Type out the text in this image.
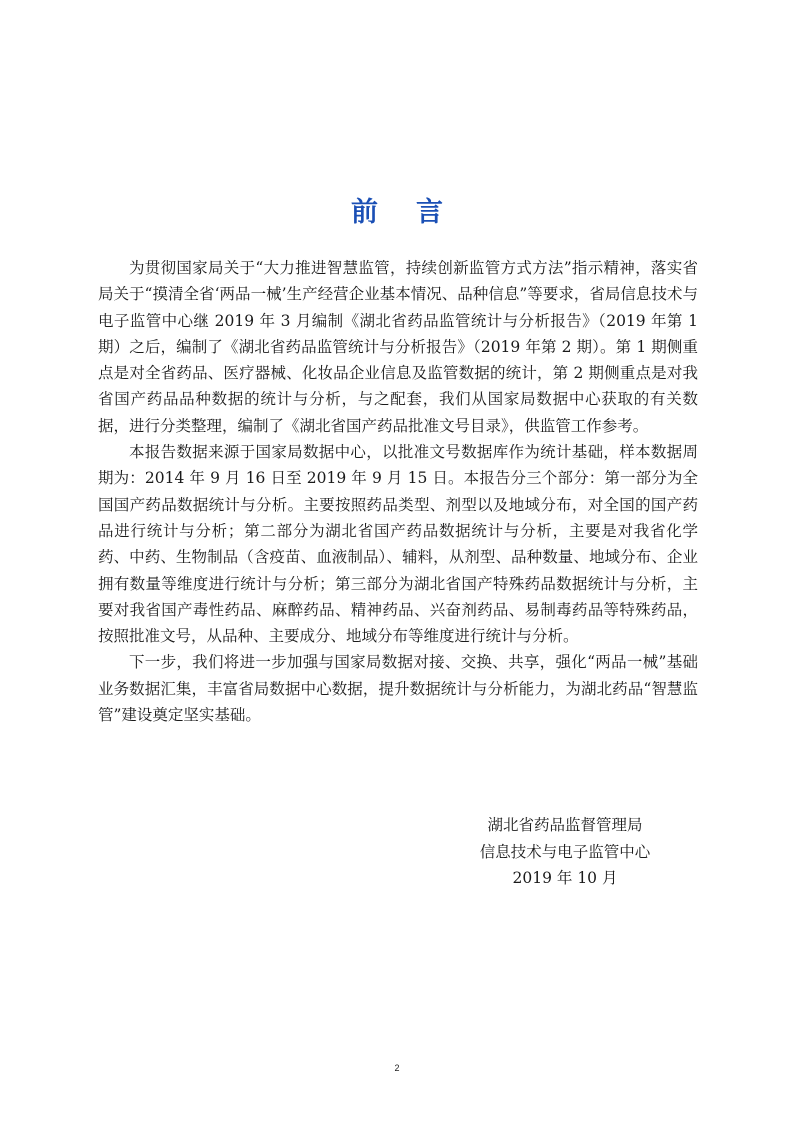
前 言

为贯彻国家局关于“大力推进智慧监管，持续创新监管方式方法”指示精神，落实省局关于“摸清全省‘两品一械’生产经营企业基本情况、品种信息”等要求，省局信息技术与电子监管中心继 2019 年 3 月编制《湖北省药品监管统计与分析报告》（2019 年第 1 期）之后，编制了《湖北省药品监管统计与分析报告》（2019 年第 2 期）。第 1 期侧重点是对全省药品、医疗器械、化妆品企业信息及监管数据的统计，第 2 期侧重点是对我省国产药品品种数据的统计与分析，与之配套，我们从国家局数据中心获取的有关数据，进行分类整理，编制了《湖北省国产药品批准文号目录》，供监管工作参考。

本报告数据来源于国家局数据中心，以批准文号数据库作为统计基础，样本数据周期为：2014 年 9 月 16 日至 2019 年 9 月 15 日。本报告分三个部分：第一部分为全国国产药品数据统计与分析。主要按照药品类型、剂型以及地域分布，对全国的国产药品进行统计与分析；第二部分为湖北省国产药品数据统计与分析，主要是对我省化学药、中药、生物制品（含疫苗、血液制品）、辅料，从剂型、品种数量、地域分布、企业拥有数量等维度进行统计与分析；第三部分为湖北省国产特殊药品数据统计与分析，主要对我省国产毒性药品、麻醉药品、精神药品、兴奋剂药品、易制毒药品等特殊药品，按照批准文号，从品种、主要成分、地域分布等维度进行统计与分析。

下一步，我们将进一步加强与国家局数据对接、交换、共享，强化“两品一械”基础业务数据汇集，丰富省局数据中心数据，提升数据统计与分析能力，为湖北药品“智慧监管”建设奠定坚实基础。

湖北省药品监督管理局
信息技术与电子监管中心
2019 年 10 月
2
